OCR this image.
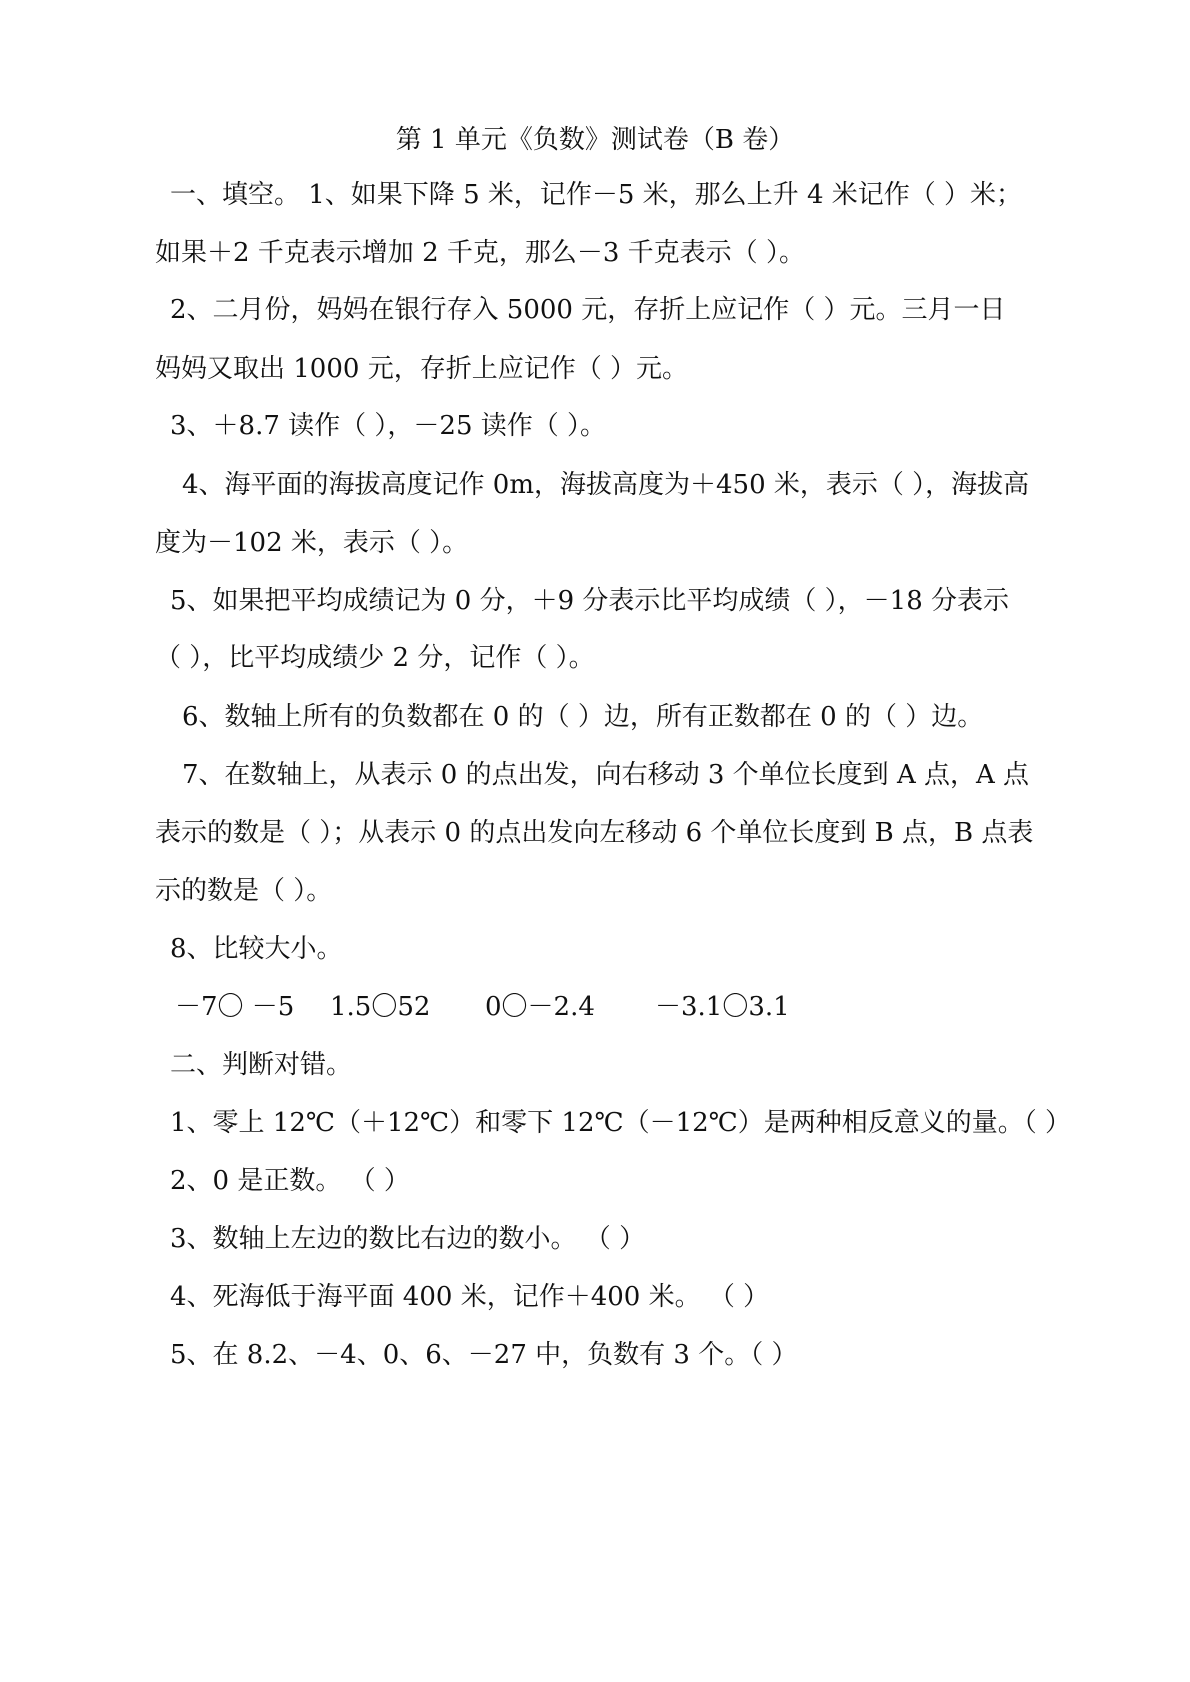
第 1 单元《负数》测试卷（B 卷）
一、填空。 1、如果下降 5 米，记作－5 米，那么上升 4 米记作（ ）米；
如果＋2 千克表示增加 2 千克，那么－3 千克表示（ ）。
2、二月份，妈妈在银行存入 5000 元，存折上应记作（ ）元。三月一日
妈妈又取出 1000 元，存折上应记作（ ）元。
3、＋8.7 读作（ ），－25 读作（ ）。
4、海平面的海拔高度记作 0m，海拔高度为＋450 米，表示（ ），海拔高
度为－102 米，表示（ ）。
5、如果把平均成绩记为 0 分，＋9 分表示比平均成绩（ ），－18 分表示
（ ），比平均成绩少 2 分，记作（ ）。
6、数轴上所有的负数都在 0 的（ ）边，所有正数都在 0 的（ ）边。
7、在数轴上，从表示 0 的点出发，向右移动 3 个单位长度到 A 点，A 点
表示的数是（ ）；从表示 0 的点出发向左移动 6 个单位长度到 B 点，B 点表
示的数是（ ）。
8、比较大小。
－7〇 －5 1.5〇52 0〇－2.4 －3.1〇3.1
二、判断对错。
1、零上 12℃（＋12℃）和零下 12℃（－12℃）是两种相反意义的量。（ ）
2、0 是正数。 （ ）
3、数轴上左边的数比右边的数小。 （ ）
4、死海低于海平面 400 米，记作＋400 米。 （ ）
5、在 8.2、－4、0、6、－27 中，负数有 3 个。（ ）
